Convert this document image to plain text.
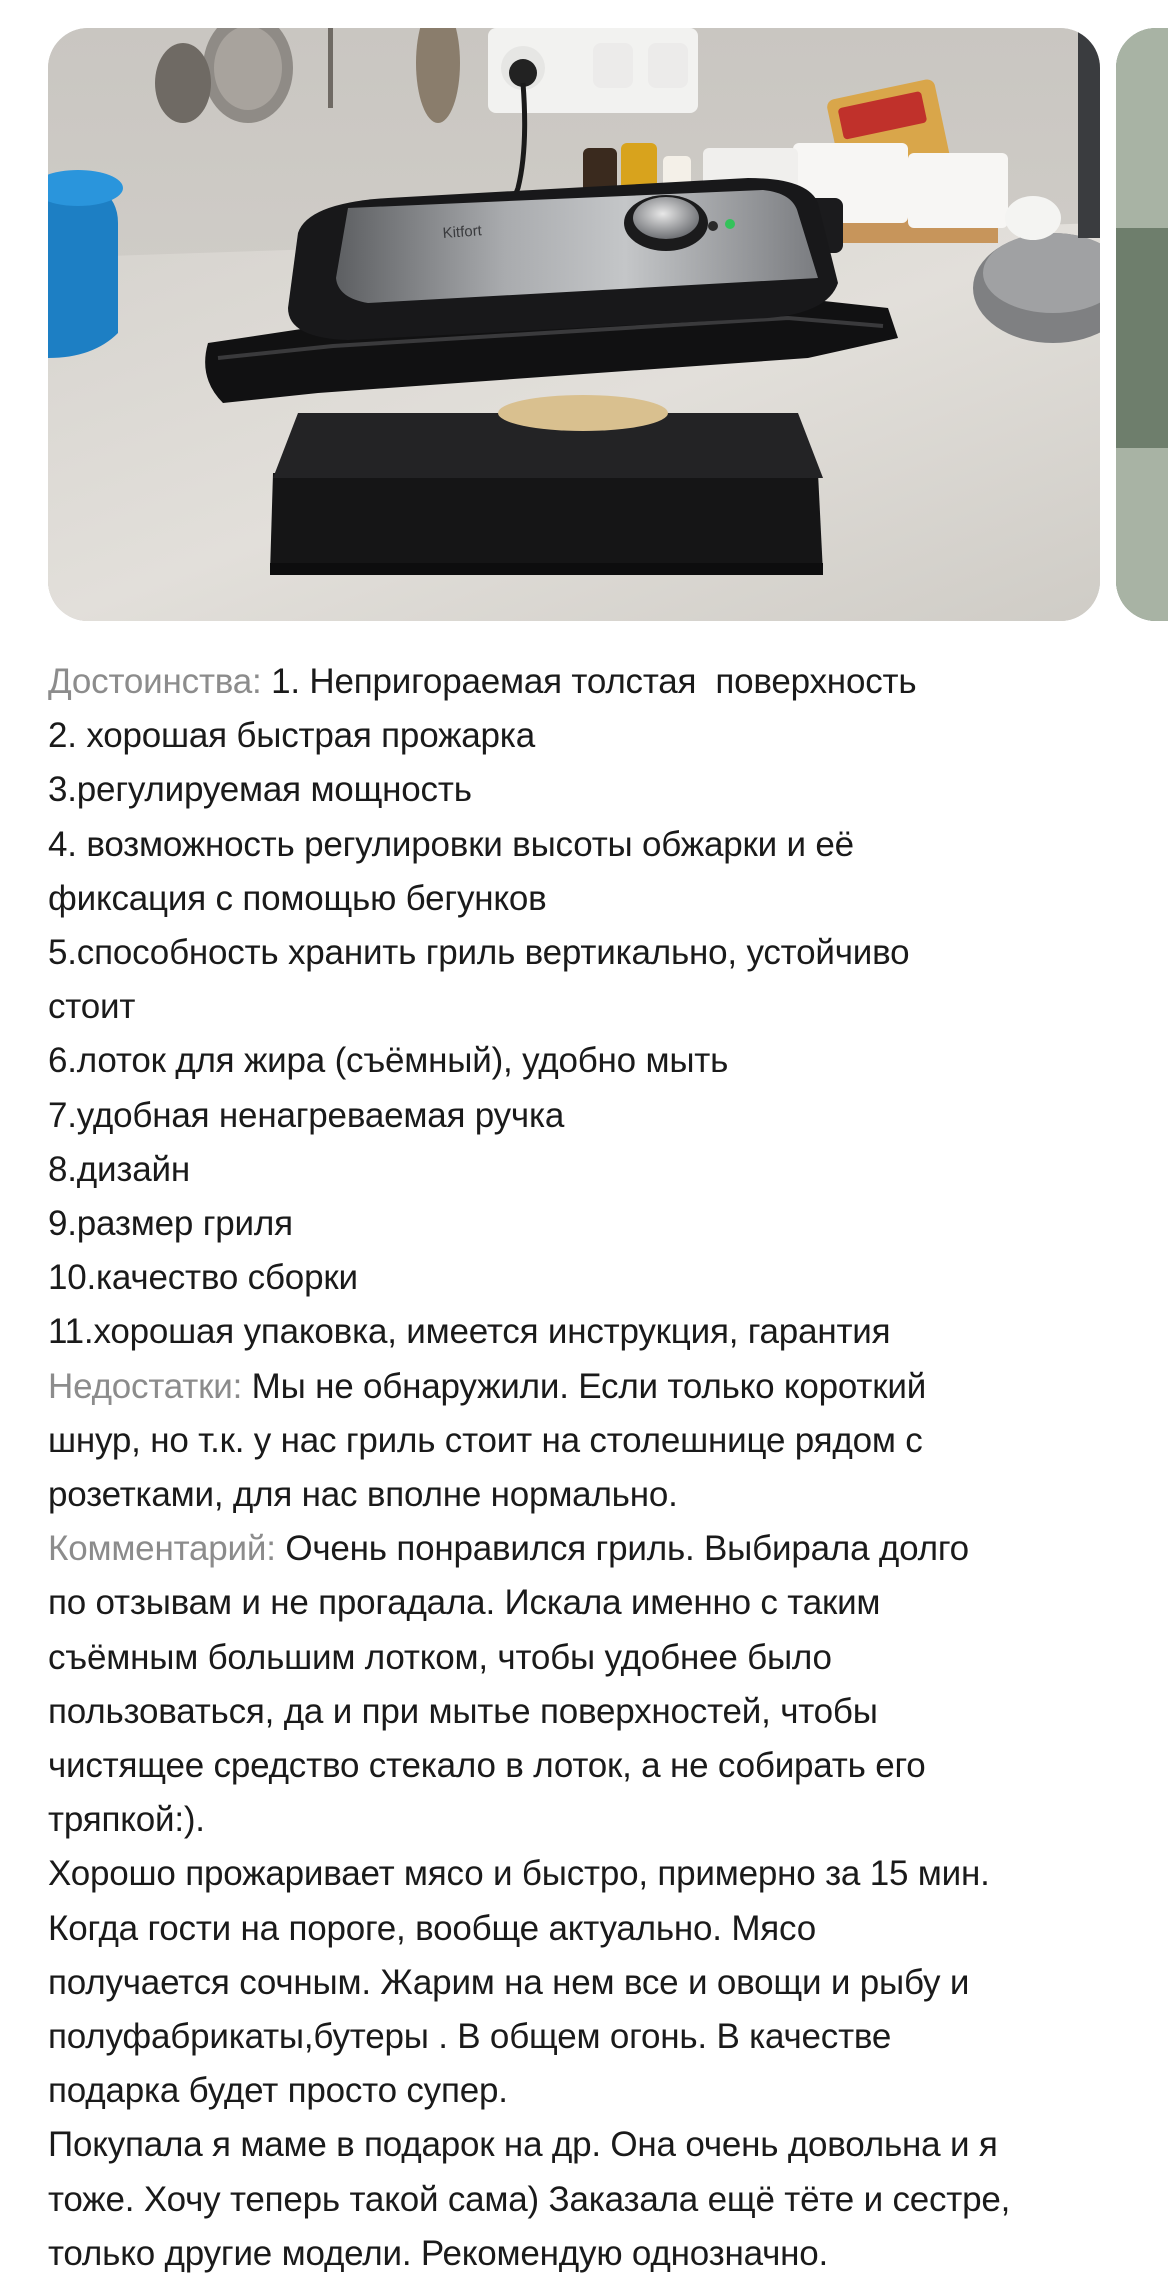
Kitfort

Достоинства: 1. Непригораемая толстая  поверхность

2. хорошая быстрая прожарка

3.регулируемая мощность

4. возможность регулировки высоты обжарки и её

фиксация с помощью бегунков

5.способность хранить гриль вертикально, устойчиво

стоит

6.лоток для жира (съёмный), удобно мыть

7.удобная ненагреваемая ручка

8.дизайн

9.размер гриля

10.качество сборки

11.хорошая упаковка, имеется инструкция, гарантия

Недостатки: Мы не обнаружили. Если только короткий

шнур, но т.к. у нас гриль стоит на столешнице рядом с

розетками, для нас вполне нормально.

Комментарий: Очень понравился гриль. Выбирала долго

по отзывам и не прогадала. Искала именно с таким

съёмным большим лотком, чтобы удобнее было

пользоваться, да и при мытье поверхностей, чтобы

чистящее средство стекало в лоток, а не собирать его

тряпкой:).

Хорошо прожаривает мясо и быстро, примерно за 15 мин.

Когда гости на пороге, вообще актуально. Мясо

получается сочным. Жарим на нем все и овощи и рыбу и

полуфабрикаты,бутеры . В общем огонь. В качестве

подарка будет просто супер.

Покупала я маме в подарок на др. Она очень довольна и я

тоже. Хочу теперь такой сама) Заказала ещё тёте и сестре,

только другие модели. Рекомендую однозначно.
